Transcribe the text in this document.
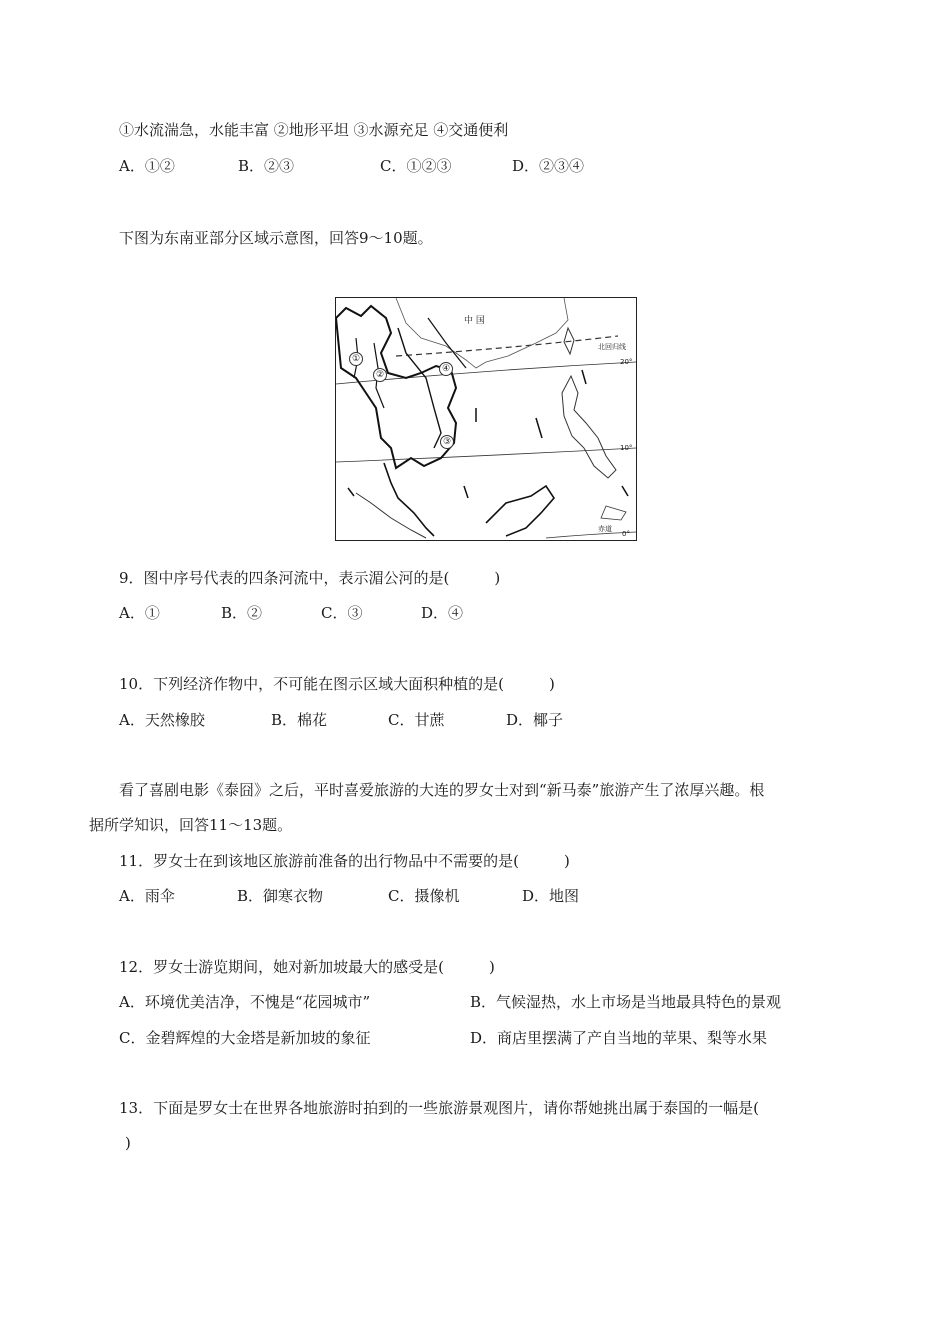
①水流湍急，水能丰富 ②地形平坦 ③水源充足 ④交通便利
A．①②	B．②③	C．①②③	D．②③④
下图为东南亚部分区域示意图，回答9～10题。
中 国
北回归线
20°
10°
赤道
0°
①
②
③
④
9．图中序号代表的四条河流中，表示湄公河的是(　　　)
A．①	B．②	C．③	D．④
10．下列经济作物中，不可能在图示区域大面积种植的是(　　　)
A．天然橡胶	B．棉花	C．甘蔗	D．椰子
看了喜剧电影《泰囧》之后，平时喜爱旅游的大连的罗女士对到“新马泰”旅游产生了浓厚兴趣。根
据所学知识，回答11～13题。
11．罗女士在到该地区旅游前准备的出行物品中不需要的是(　　　)
A．雨伞	B．御寒衣物	C．摄像机	D．地图
12．罗女士游览期间，她对新加坡最大的感受是(　　　)
A．环境优美洁净，不愧是“花园城市”	B．气候湿热，水上市场是当地最具特色的景观
C．金碧辉煌的大金塔是新加坡的象征	D．商店里摆满了产自当地的苹果、梨等水果
13．下面是罗女士在世界各地旅游时拍到的一些旅游景观图片，请你帮她挑出属于泰国的一幅是(
)
